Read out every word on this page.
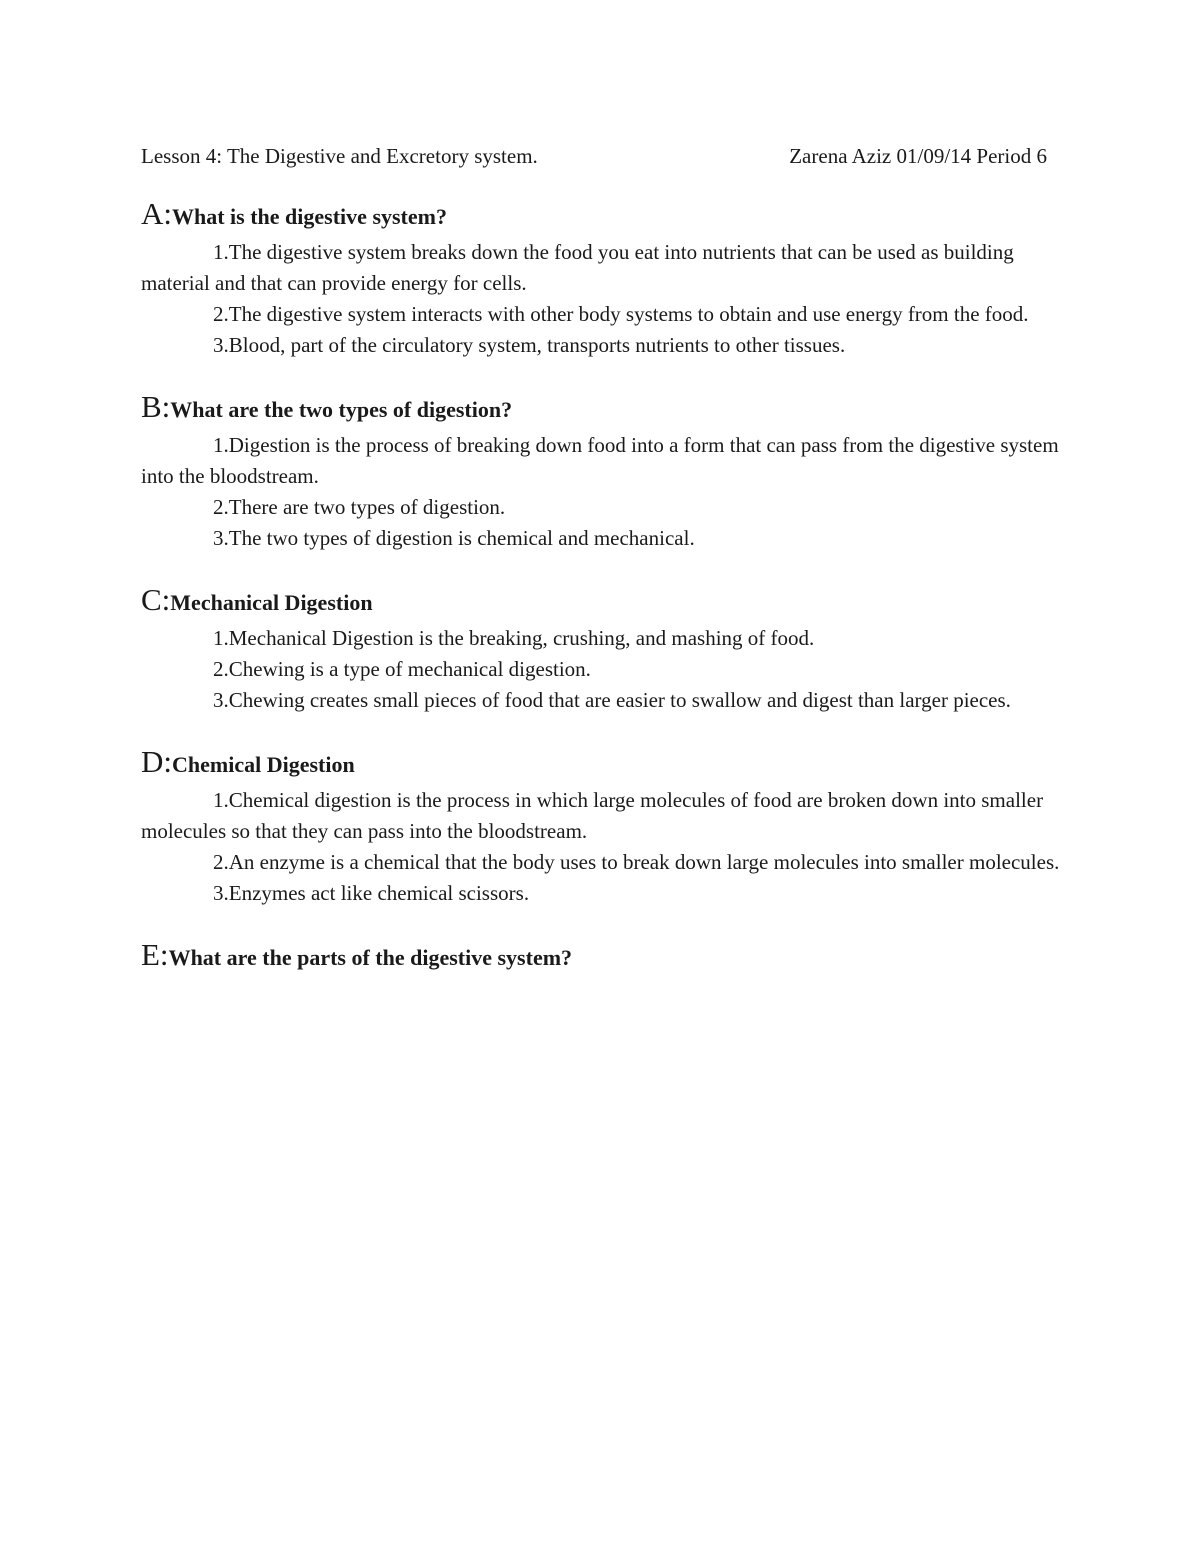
Lesson 4: The Digestive and Excretory system.	Zarena Aziz 01/09/14 Period 6
A: What is the digestive system?

1.The digestive system breaks down the food you eat into nutrients that can be used as building material and that can provide energy for cells.

2.The digestive system interacts with other body systems to obtain and use energy from the food.

3.Blood, part of the circulatory system, transports nutrients to other tissues.

B: What are the two types of digestion?

1.Digestion is the process of breaking down food into a form that can pass from the digestive system into the bloodstream.

2.There are two types of digestion.

3.The two types of digestion is chemical and mechanical.

C: Mechanical Digestion

1.Mechanical Digestion is the breaking, crushing, and mashing of food.

2.Chewing is a type of mechanical digestion.

3.Chewing creates small pieces of food that are easier to swallow and digest than larger pieces.

D: Chemical Digestion

1.Chemical digestion is the process in which large molecules of food are broken down into smaller molecules so that they can pass into the bloodstream.

2.An enzyme is a chemical that the body uses to break down large molecules into smaller molecules.

3.Enzymes act like chemical scissors.

E: What are the parts of the digestive system?
